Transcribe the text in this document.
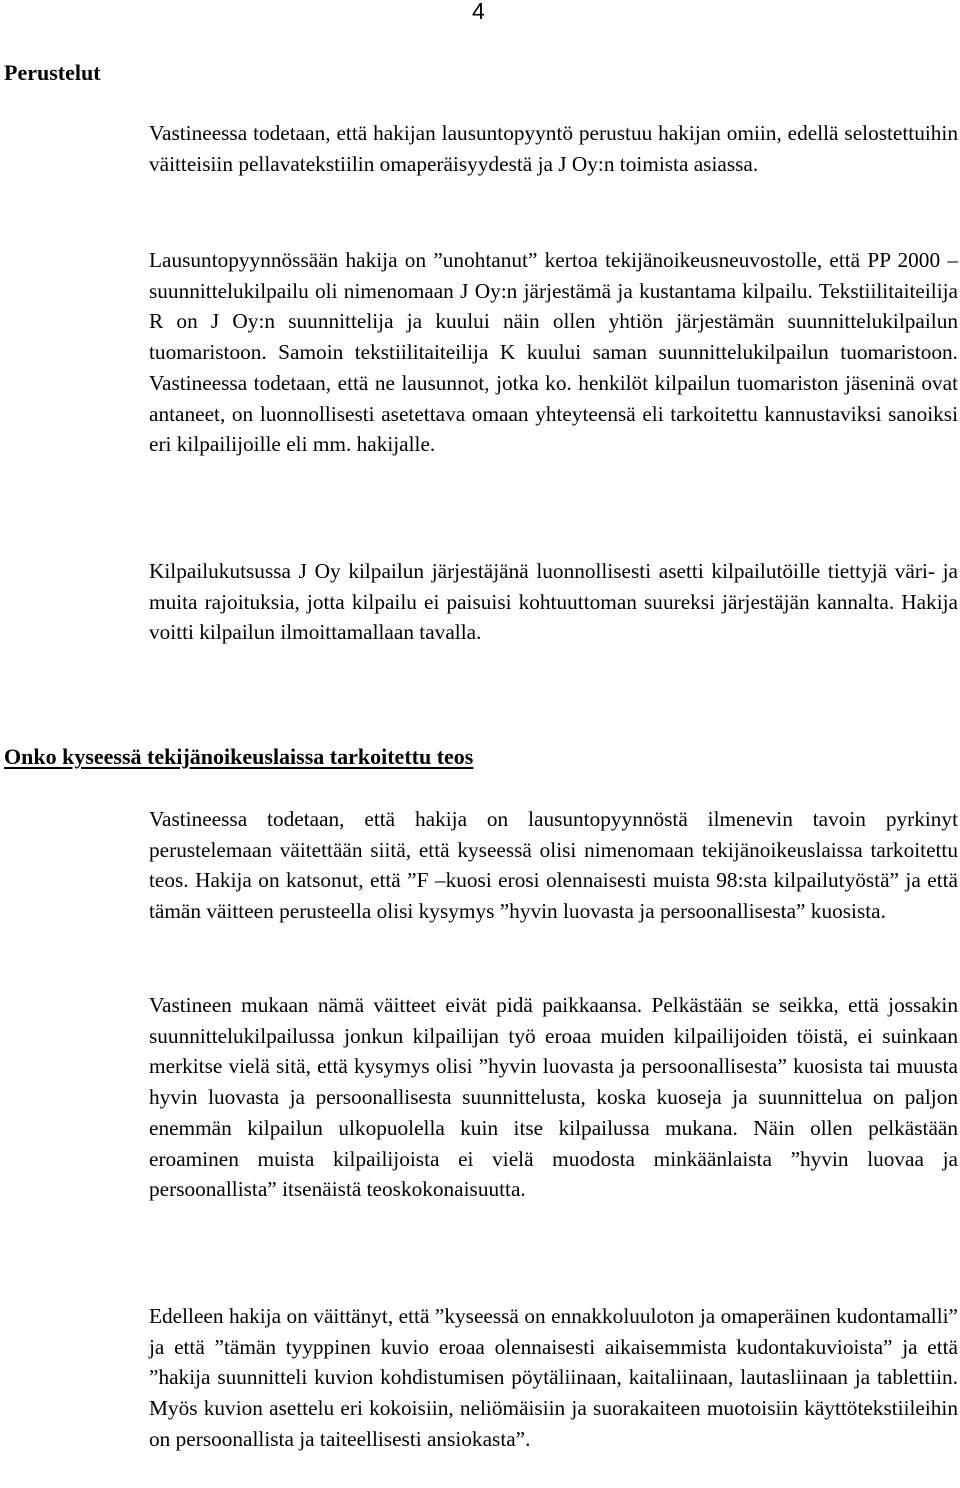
4
Perustelut

Vastineessa todetaan, että hakijan lausuntopyyntö perustuu hakijan omiin, edellä selostettuihin väitteisiin pellavatekstiilin omaperäisyydestä ja J Oy:n toimista asiassa.

Lausuntopyynnössään hakija on ”unohtanut” kertoa tekijänoikeusneuvostolle, että PP 2000 –suunnittelukilpailu oli nimenomaan J Oy:n järjestämä ja kustantama kilpailu. Tekstiilitaiteilija R on J Oy:n suunnittelija ja kuului näin ollen yhtiön järjestämän suunnittelukilpailun tuomaristoon. Samoin tekstiilitaiteilija K kuului saman suunnittelukilpailun tuomaristoon. Vastineessa todetaan, että ne lausunnot, jotka ko. henkilöt kilpailun tuomariston jäseninä ovat antaneet, on luonnollisesti asetettava omaan yhteyteensä eli tarkoitettu kannustaviksi sanoiksi eri kilpailijoille eli mm. hakijalle.

Kilpailukutsussa J Oy kilpailun järjestäjänä luonnollisesti asetti kilpailutöille tiettyjä väri- ja muita rajoituksia, jotta kilpailu ei paisuisi kohtuuttoman suureksi järjestäjän kannalta. Hakija voitti kilpailun ilmoittamallaan tavalla.

Onko kyseessä tekijänoikeuslaissa tarkoitettu teos

Vastineessa todetaan, että hakija on lausuntopyynnöstä ilmenevin tavoin pyrkinyt perustelemaan väitettään siitä, että kyseessä olisi nimenomaan tekijänoikeuslaissa tarkoitettu teos. Hakija on katsonut, että ”F –kuosi erosi olennaisesti muista 98:sta kilpailutyöstä” ja että tämän väitteen perusteella olisi kysymys ”hyvin luovasta ja persoonallisesta” kuosista.

Vastineen mukaan nämä väitteet eivät pidä paikkaansa. Pelkästään se seikka, että jossakin suunnittelukilpailussa jonkun kilpailijan työ eroaa muiden kilpailijoiden töistä, ei suinkaan merkitse vielä sitä, että kysymys olisi ”hyvin luovasta ja persoonallisesta” kuosista tai muusta hyvin luovasta ja persoonallisesta suunnittelusta, koska kuoseja ja suunnittelua on paljon enemmän kilpailun ulkopuolella kuin itse kilpailussa mukana. Näin ollen pelkästään eroaminen muista kilpailijoista ei vielä muodosta minkäänlaista ”hyvin luovaa ja persoonallista” itsenäistä teoskokonaisuutta.

Edelleen hakija on väittänyt, että ”kyseessä on ennakkoluuloton ja omaperäinen kudontamalli” ja että ”tämän tyyppinen kuvio eroaa olennaisesti aikaisemmista kudontakuvioista” ja että ”hakija suunnitteli kuvion kohdistumisen pöytäliinaan, kaitaliinaan, lautasliinaan ja tablettiin. Myös kuvion asettelu eri kokoisiin, neliömäisiin ja suorakaiteen muotoisiin käyttötekstiileihin on persoonallista ja taiteellisesti ansiokasta”.
